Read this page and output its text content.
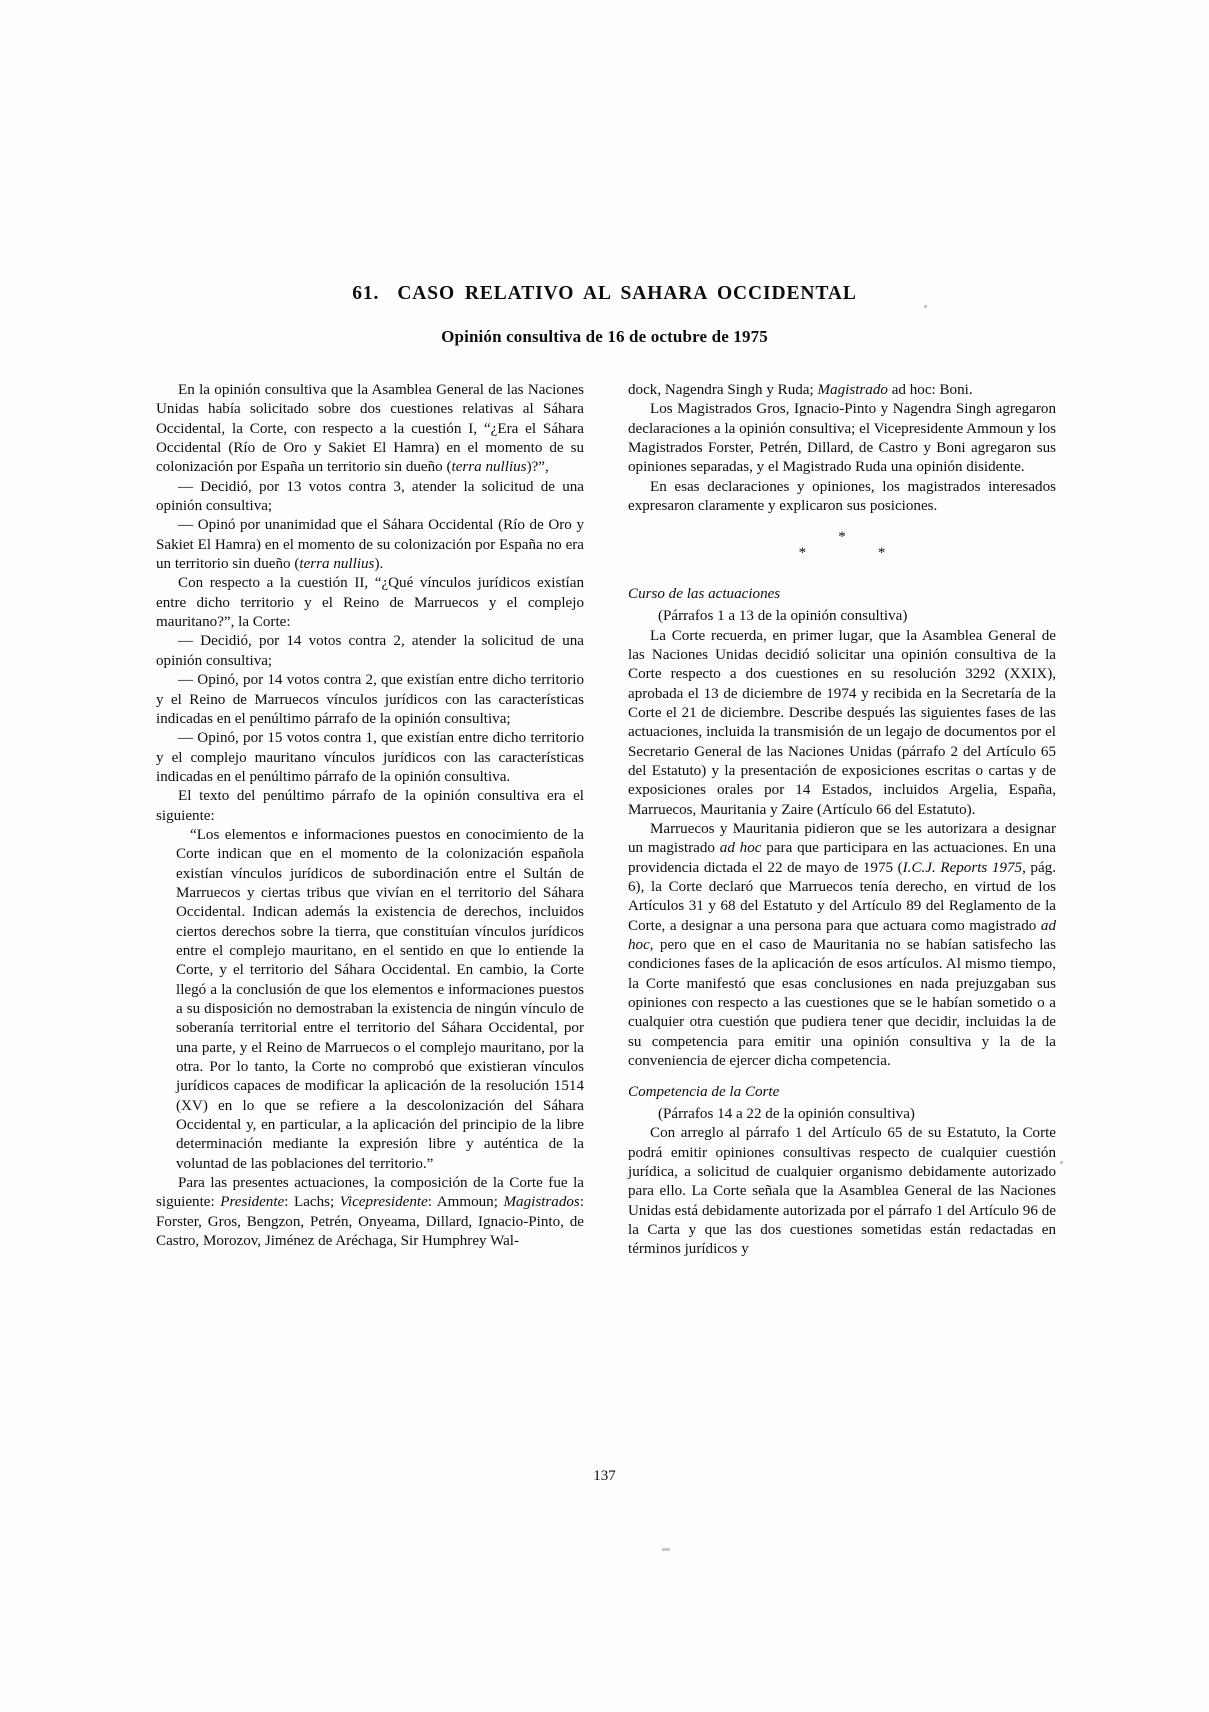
61. CASO RELATIVO AL SAHARA OCCIDENTAL
Opinión consultiva de 16 de octubre de 1975

En la opinión consultiva que la Asamblea General de las Naciones Unidas había solicitado sobre dos cuestiones relativas al Sáhara Occidental, la Corte, con respecto a la cuestión I, “¿Era el Sáhara Occidental (Río de Oro y Sakiet El Hamra) en el momento de su colonización por España un territorio sin dueño (terra nullius)?”,

— Decidió, por 13 votos contra 3, atender la solicitud de una opinión consultiva;

— Opinó por unanimidad que el Sáhara Occidental (Río de Oro y Sakiet El Hamra) en el momento de su colonización por España no era un territorio sin dueño (terra nullius).

Con respecto a la cuestión II, “¿Qué vínculos jurídicos existían entre dicho territorio y el Reino de Marruecos y el complejo mauritano?”, la Corte:

— Decidió, por 14 votos contra 2, atender la solicitud de una opinión consultiva;

— Opinó, por 14 votos contra 2, que existían entre dicho territorio y el Reino de Marruecos vínculos jurídicos con las características indicadas en el penúltimo párrafo de la opinión consultiva;

— Opinó, por 15 votos contra 1, que existían entre dicho territorio y el complejo mauritano vínculos jurídicos con las características indicadas en el penúltimo párrafo de la opinión consultiva.

El texto del penúltimo párrafo de la opinión consultiva era el siguiente:

“Los elementos e informaciones puestos en conocimiento de la Corte indican que en el momento de la colonización española existían vínculos jurídicos de subordinación entre el Sultán de Marruecos y ciertas tribus que vivían en el territorio del Sáhara Occidental. Indican además la existencia de derechos, incluidos ciertos derechos sobre la tierra, que constituían vínculos jurídicos entre el complejo mauritano, en el sentido en que lo entiende la Corte, y el territorio del Sáhara Occidental. En cambio, la Corte llegó a la conclusión de que los elementos e informaciones puestos a su disposición no demostraban la existencia de ningún vínculo de soberanía territorial entre el territorio del Sáhara Occidental, por una parte, y el Reino de Marruecos o el complejo mauritano, por la otra. Por lo tanto, la Corte no comprobó que existieran vínculos jurídicos capaces de modificar la aplicación de la resolución 1514 (XV) en lo que se refiere a la descolonización del Sáhara Occidental y, en particular, a la aplicación del principio de la libre determinación mediante la expresión libre y auténtica de la voluntad de las poblaciones del territorio.”

Para las presentes actuaciones, la composición de la Corte fue la siguiente: Presidente: Lachs; Vicepresidente: Ammoun; Magistrados: Forster, Gros, Bengzon, Petrén, Onyeama, Dillard, Ignacio-Pinto, de Castro, Morozov, Jiménez de Aréchaga, Sir Humphrey Wal-

dock, Nagendra Singh y Ruda; Magistrado ad hoc: Boni.

Los Magistrados Gros, Ignacio-Pinto y Nagendra Singh agregaron declaraciones a la opinión consultiva; el Vicepresidente Ammoun y los Magistrados Forster, Petrén, Dillard, de Castro y Boni agregaron sus opiniones separadas, y el Magistrado Ruda una opinión disidente.

En esas declaraciones y opiniones, los magistrados interesados expresaron claramente y explicaron sus posiciones.

*
* *

Curso de las actuaciones

(Párrafos 1 a 13 de la opinión consultiva)

La Corte recuerda, en primer lugar, que la Asamblea General de las Naciones Unidas decidió solicitar una opinión consultiva de la Corte respecto a dos cuestiones en su resolución 3292 (XXIX), aprobada el 13 de diciembre de 1974 y recibida en la Secretaría de la Corte el 21 de diciembre. Describe después las siguientes fases de las actuaciones, incluida la transmisión de un legajo de documentos por el Secretario General de las Naciones Unidas (párrafo 2 del Artículo 65 del Estatuto) y la presentación de exposiciones escritas o cartas y de exposiciones orales por 14 Estados, incluidos Argelia, España, Marruecos, Mauritania y Zaire (Artículo 66 del Estatuto).

Marruecos y Mauritania pidieron que se les autorizara a designar un magistrado ad hoc para que participara en las actuaciones. En una providencia dictada el 22 de mayo de 1975 (I.C.J. Reports 1975, pág. 6), la Corte declaró que Marruecos tenía derecho, en virtud de los Artículos 31 y 68 del Estatuto y del Artículo 89 del Reglamento de la Corte, a designar a una persona para que actuara como magistrado ad hoc, pero que en el caso de Mauritania no se habían satisfecho las condiciones fases de la aplicación de esos artículos. Al mismo tiempo, la Corte manifestó que esas conclusiones en nada prejuzgaban sus opiniones con respecto a las cuestiones que se le habían sometido o a cualquier otra cuestión que pudiera tener que decidir, incluidas la de su competencia para emitir una opinión consultiva y la de la conveniencia de ejercer dicha competencia.

Competencia de la Corte

(Párrafos 14 a 22 de la opinión consultiva)

Con arreglo al párrafo 1 del Artículo 65 de su Estatuto, la Corte podrá emitir opiniones consultivas respecto de cualquier cuestión jurídica, a solicitud de cualquier organismo debidamente autorizado para ello. La Corte señala que la Asamblea General de las Naciones Unidas está debidamente autorizada por el párrafo 1 del Artículo 96 de la Carta y que las dos cuestiones sometidas están redactadas en términos jurídicos y

137
